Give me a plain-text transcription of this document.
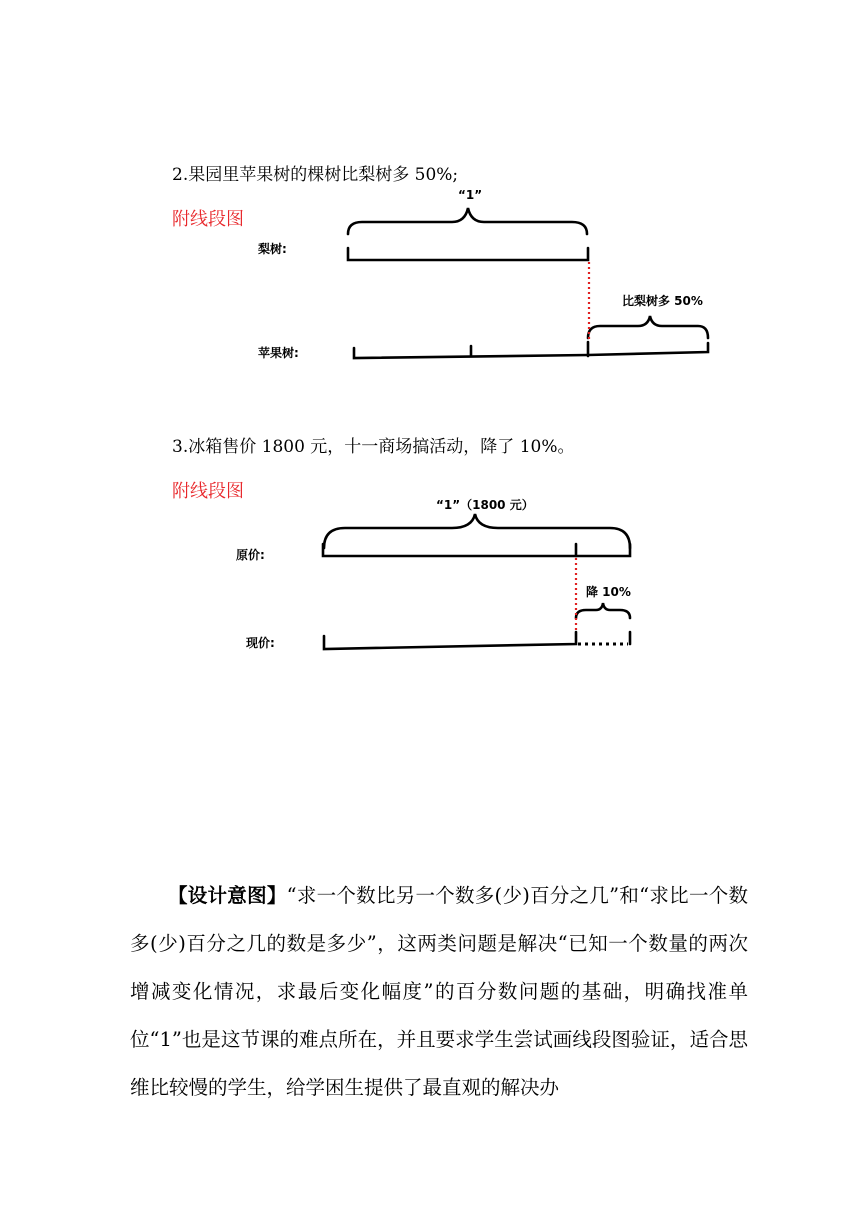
2.果园里苹果树的棵树比梨树多 50%;
附线段图
“1”
梨树:
苹果树:
比梨树多 50%
3.冰箱售价 1800 元，十一商场搞活动，降了 10%。
附线段图
“1”（1800 元）
原价:
现价:
降 10%
【设计意图】“求一个数比另一个数多(少)百分之几”和“求比一个数多(少)百分之几的数是多少”，这两类问题是解决“已知一个数量的两次增减变化情况，求最后变化幅度”的百分数问题的基础，明确找准单位“1”也是这节课的难点所在，并且要求学生尝试画线段图验证，适合思维比较慢的学生，给学困生提供了最直观的解决办
